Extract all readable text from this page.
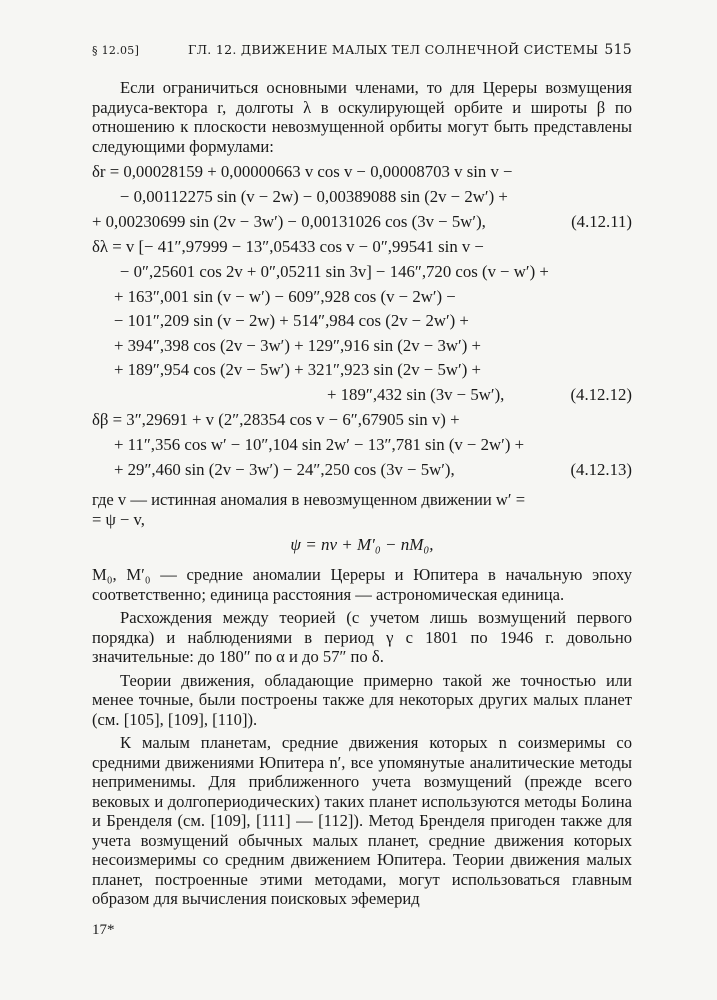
§ 12.05]	ГЛ. 12. ДВИЖЕНИЕ МАЛЫХ ТЕЛ СОЛНЕЧНОЙ СИСТЕМЫ 515

Если ограничиться основными членами, то для Цереры возмущения радиуса-вектора r, долготы λ в оскулирующей орбите и широты β по отношению к плоскости невозмущенной орбиты могут быть представлены следующими формулами:

δr = 0,00028159 + 0,00000663 v cos v − 0,00008703 v sin v −
− 0,00112275 sin (v − 2w) − 0,00389088 sin (2v − 2w′) +
+ 0,00230699 sin (2v − 3w′) − 0,00131026 cos (3v − 5w′),	(4.12.11)
δλ = v [− 41″,97999 − 13″,05433 cos v − 0″,99541 sin v −
− 0″,25601 cos 2v + 0″,05211 sin 3v] − 146″,720 cos (v − w′) +
+ 163″,001 sin (v − w′) − 609″,928 cos (v − 2w′) −
− 101″,209 sin (v − 2w) + 514″,984 cos (2v − 2w′) +
+ 394″,398 cos (2v − 3w′) + 129″,916 sin (2v − 3w′) +
+ 189″,954 cos (2v − 5w′) + 321″,923 sin (2v − 5w′) +
+ 189″,432 sin (3v − 5w′),	(4.12.12)
δβ = 3″,29691 + v (2″,28354 cos v − 6″,67905 sin v) +
+ 11″,356 cos w′ − 10″,104 sin 2w′ − 13″,781 sin (v − 2w′) +
+ 29″,460 sin (2v − 3w′) − 24″,250 cos (3v − 5w′),	(4.12.13)

где v — истинная аномалия в невозмущенном движении w′ =

= ψ − v,

ψ = nv + M′₀ − nM₀,

M₀, M′₀ — средние аномалии Цереры и Юпитера в начальную эпоху соответственно; единица расстояния — астрономическая единица.

Расхождения между теорией (с учетом лишь возмущений первого порядка) и наблюдениями в период γ с 1801 по 1946 г. довольно значительные: до 180″ по α и до 57″ по δ.

Теории движения, обладающие примерно такой же точностью или менее точные, были построены также для некоторых других малых планет (см. [105], [109], [110]).

К малым планетам, средние движения которых n соизмеримы со средними движениями Юпитера n′, все упомянутые аналитические методы неприменимы. Для приближенного учета возмущений (прежде всего вековых и долгопериодических) таких планет используются методы Болина и Бренделя (см. [109], [111] — [112]). Метод Бренделя пригоден также для учета возмущений обычных малых планет, средние движения которых несоизмеримы со средним движением Юпитера. Теории движения малых планет, построенные этими методами, могут использоваться главным образом для вычисления поисковых эфемерид

17*
